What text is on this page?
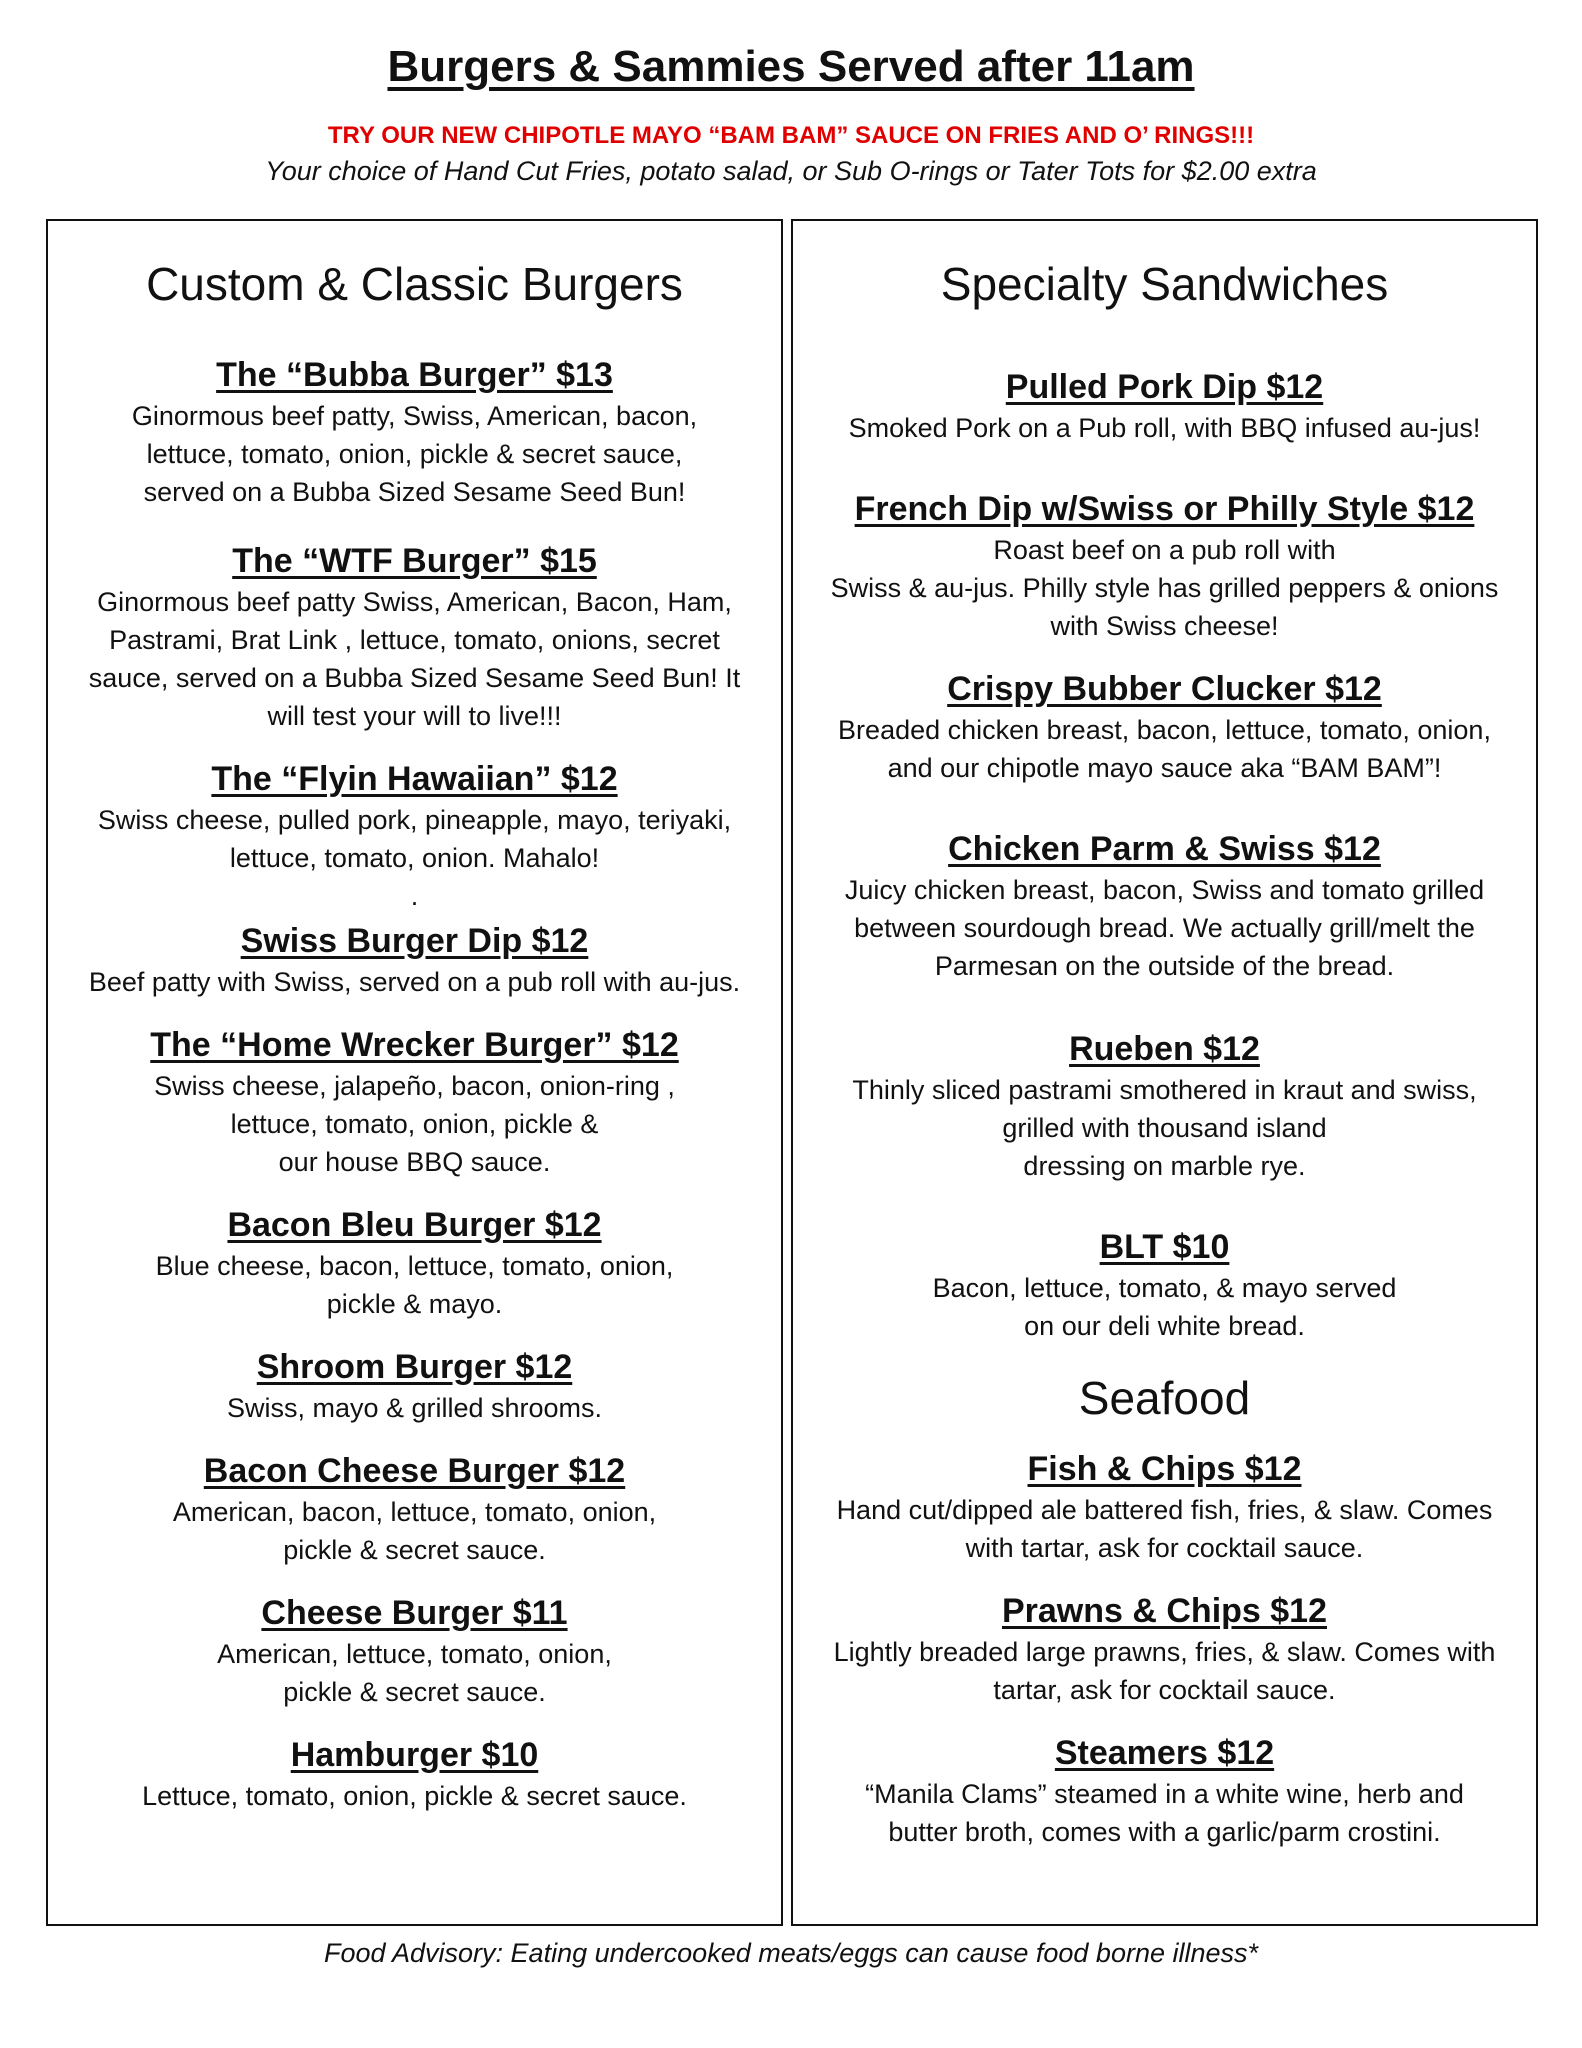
Burgers & Sammies Served after 11am
TRY OUR NEW CHIPOTLE MAYO “BAM BAM” SAUCE ON FRIES AND O’ RINGS!!!
Your choice of Hand Cut Fries, potato salad, or Sub O-rings or Tater Tots for $2.00 extra
Custom & Classic Burgers
The “Bubba Burger” $13
Ginormous beef patty, Swiss, American, bacon,
lettuce, tomato, onion, pickle & secret sauce,
served on a Bubba Sized Sesame Seed Bun!
The “WTF Burger” $15
Ginormous beef patty Swiss, American, Bacon, Ham,
Pastrami, Brat Link , lettuce, tomato, onions, secret
sauce, served on a Bubba Sized Sesame Seed Bun! It
will test your will to live!!!
The “Flyin Hawaiian” $12
Swiss cheese, pulled pork, pineapple, mayo, teriyaki,
lettuce, tomato, onion. Mahalo!
.
Swiss Burger Dip $12
Beef patty with Swiss, served on a pub roll with au-jus.
The “Home Wrecker Burger” $12
Swiss cheese, jalapeño, bacon, onion-ring ,
lettuce, tomato, onion, pickle &
our house BBQ sauce.
Bacon Bleu Burger $12
Blue cheese, bacon, lettuce, tomato, onion,
pickle & mayo.
Shroom Burger $12
Swiss, mayo & grilled shrooms.
Bacon Cheese Burger $12
American, bacon, lettuce, tomato, onion,
pickle & secret sauce.
Cheese Burger $11
American, lettuce, tomato, onion,
pickle & secret sauce.
Hamburger $10
Lettuce, tomato, onion, pickle & secret sauce.
Specialty Sandwiches
Pulled Pork Dip $12
Smoked Pork on a Pub roll, with BBQ infused au-jus!
French Dip w/Swiss or Philly Style $12
Roast beef on a pub roll with
Swiss & au-jus. Philly style has grilled peppers & onions
with Swiss cheese!
Crispy Bubber Clucker $12
Breaded chicken breast, bacon, lettuce, tomato, onion,
and our chipotle mayo sauce aka “BAM BAM”!
Chicken Parm & Swiss $12
Juicy chicken breast, bacon, Swiss and tomato grilled
between sourdough bread. We actually grill/melt the
Parmesan on the outside of the bread.
Rueben $12
Thinly sliced pastrami smothered in kraut and swiss,
grilled with thousand island
dressing on marble rye.
BLT $10
Bacon, lettuce, tomato, & mayo served
on our deli white bread.
Seafood
Fish & Chips $12
Hand cut/dipped ale battered fish, fries, & slaw. Comes
with tartar, ask for cocktail sauce.
Prawns & Chips $12
Lightly breaded large prawns, fries, & slaw. Comes with
tartar, ask for cocktail sauce.
Steamers $12
“Manila Clams” steamed in a white wine, herb and
butter broth, comes with a garlic/parm crostini.
Food Advisory: Eating undercooked meats/eggs can cause food borne illness*
